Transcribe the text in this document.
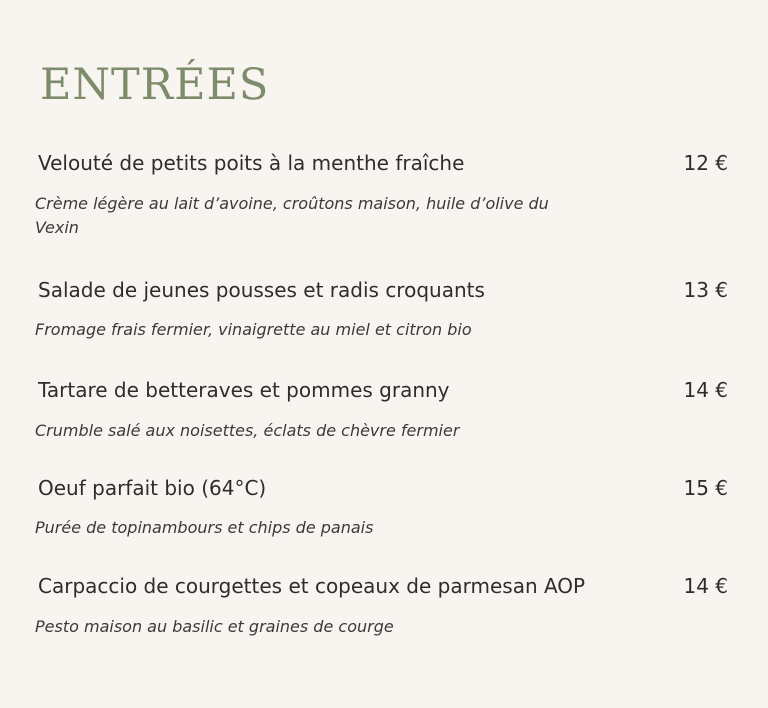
ENTRÉES
Velouté de petits poits à la menthe fraîche	12 €

Crème légère au lait d’avoine, croûtons maison, huile d’olive du Vexin

Salade de jeunes pousses et radis croquants	13 €

Fromage frais fermier, vinaigrette au miel et citron bio

Tartare de betteraves et pommes granny	14 €

Crumble salé aux noisettes, éclats de chèvre fermier

Oeuf parfait bio (64°C)	15 €

Purée de topinambours et chips de panais

Carpaccio de courgettes et copeaux de parmesan AOP	14 €

Pesto maison au basilic et graines de courge
